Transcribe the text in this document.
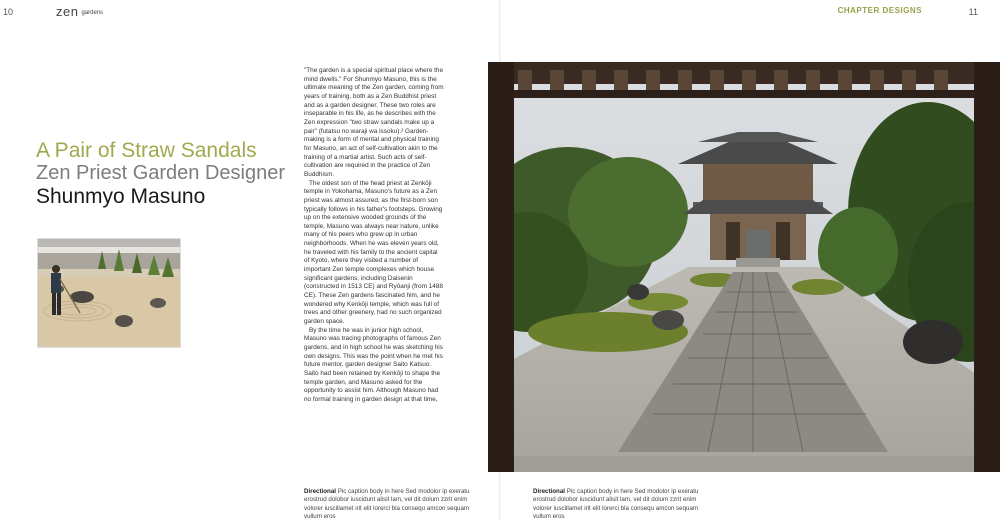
10	zen gardens	CHAPTER DESIGNS	11
A Pair of Straw Sandals
Zen Priest Garden Designer
Shunmyo Masuno

"The garden is a special spiritual place where the mind dwells." For Shunmyo Masuno, this is the ultimate meaning of the Zen garden, coming from years of training, both as a Zen Buddhist priest and as a garden designer. These two roles are inseparable in his life, as he describes with the Zen expression "two straw sandals make up a pair" (futatsu no waraji wa issoku).² Garden-making is a form of mental and physical training for Masuno, an act of self-cultivation akin to the training of a martial artist. Such acts of self-cultivation are required in the practice of Zen Buddhism.

The oldest son of the head priest at Zenkōji temple in Yokohama, Masuno's future as a Zen priest was almost assured, as the first-born son typically follows in his father's footsteps. Growing up on the extensive wooded grounds of the temple, Masuno was always near nature, unlike many of his peers who grew up in urban neighborhoods. When he was eleven years old, he traveled with his family to the ancient capital of Kyoto, where they visited a number of important Zen temple complexes which house significant gardens, including Daisenin (constructed in 1513 CE) and Ryōanji (from 1488 CE). These Zen gardens fascinated him, and he wondered why Kenkōji temple, which was full of trees and other greenery, had no such organized garden space.

By the time he was in junior high school, Masuno was tracing photographs of famous Zen gardens, and in high school he was sketching his own designs. This was the point when he met his future mentor, garden designer Saito Katsuo. Saito had been retained by Kenkōji to shape the temple garden, and Masuno asked for the opportunity to assist him. Although Masuno had no formal training in garden design at that time,

Directional Pic caption body in here Sed modolor ip exeratu erostrud dolobor iuscidunt alisit lam, vel dit dolum zzrit enim volorer iuscillamet irit elit lorerci bla consequ amcon sequam vullum eros
Directional Pic caption body in here Sed modolor ip exeratu erostrud dolobor iuscidunt alisit lam, vel dit dolum zzrit enim volorer iuscillamet irit elit lorerci bla consequ amcon sequam vullum eros
